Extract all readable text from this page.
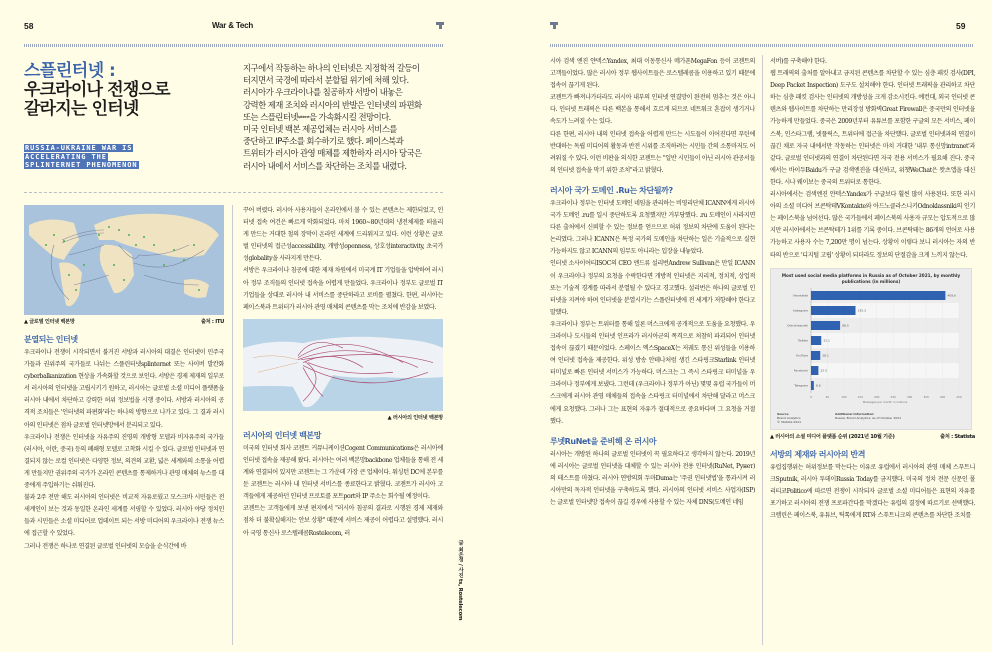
58	War & Tech	59
스플린터넷 :
우크라이나 전쟁으로
갈라지는 인터넷
RUSSIA-UKRAINE WAR IS
ACCELERATING THE
SPLINTERNET PHENOMENON
지구에서 작동하는 하나의 인터넷은 지정학적 갈등이
터지면서 국경에 따라서 분할될 위기에 처해 있다.
러시아가 우크라이나를 침공하자 서방이 내놓은
강력한 제재 조치와 러시아의 반발은 인터넷의 파편화
또는 스플린터넷$^{splinternet}$을 가속화시킬 전망이다.
미국 인터넷 백본 제공업체는 러시아 서비스를
중단하고 IP주소를 회수하기로 했다. 페이스북과
트위터가 러시아 관영 매체를 제한하자 러시아 당국은
러시아 내에서 서비스를 차단하는 조치를 내렸다.
▲ 글로벌 인터넷 백본망	출처 : ITU
분열되는 인터넷

우크라이나 전쟁이 시작되면서 불거진 서방과 러시아의 대결은 인터넷이 민주국가들과 권위주의 국가들로 나뉘는 스플린터넷splinternet 또는 사이버 발칸화cyberbalkanization 현상을 가속화할 것으로 보인다. 서방은 경제 제재의 일부로서 러시아의 인터넷을 고립시키기 원하고, 러시아는 글로벌 소셜 미디어 플랫폼을 러시아 내에서 차단하고 강력한 허위 정보법을 시행 중이다. 서방과 러시아의 공격적 조치들은 '인터넷의 파편화'라는 하나의 방향으로 나가고 있다. 그 결과 러시아의 인터넷은 점차 글로벌 인터넷망에서 분리되고 있다.

우크라이나 전쟁은 인터넷을 자유주의 진영의 개방형 모델과 비자유주의 국가들(러시아, 이란, 중국) 등의 폐쇄형 모델로 고착화 시킬 수 있다. 글로벌 인터넷과 연결되지 않는 로컬 인터넷은 다양한 정보, 의견의 교환, 넓은 세계와의 소통을 어렵게 만들지만 권위주의 국가가 온라인 콘텐츠를 통제하거나 관영 매체의 뉴스를 대중에게 주입하기는 쉬워진다.

불과 2주 전만 해도 러시아의 인터넷은 비교적 자유로웠고 모스크바 시민들은 전 세계인이 보는 것과 동일한 온라인 세계를 서핑할 수 있었다. 러시아 야당 정치인들과 시민들은 소셜 미디어로 업데이트 되는 서방 미디어의 우크라이나 전쟁 뉴스에 접근할 수 있었다.

그러나 전쟁은 하나로 연결된 글로벌 인터넷의 모습을 순식간에 바

꾸어 버렸다. 러시아 사용자들이 온라인에서 볼 수 있는 콘텐츠는 제한되었고, 인터넷 접속 여건은 빠르게 악화되었다. 마치 1960~80년대의 냉전체제를 떠올리게 만드는 거대한 철의 장막이 온라인 세계에 드리워지고 있다. 이런 상황은 글로벌 인터넷의 접근성accessibility, 개방성openness, 상호성interactivity, 초국가성globality을 사라지게 만든다.

서방은 우크라이나 침공에 대한 제재 차원에서 미국계 IT 기업들을 압박하여 러시아 정부 조직들의 인터넷 접속을 어렵게 만들었다. 우크라이나 정부도 글로벌 IT 기업들을 상대로 러시아 내 서비스를 중단하라고 로비를 펼쳤다. 한편, 러시아는 페이스북과 트위터가 러시아 관영 매체의 콘텐츠를 막는 조치에 반감을 보였다.

▲ 러시아의 인터넷 백본망
러시아의 인터넷 백본망

미국의 인터넷 회사 코젠트 커뮤니케이션Cogent Communications은 러시아에 인터넷 접속을 제공해 왔다. 러시아는 여러 백본망backbone 업체들을 통해 전 세계와 연결되어 있지만 코젠트는 그 가운데 가장 큰 업체이다. 워싱턴 DC에 본부를 둔 코젠트는 러시아 내 인터넷 서비스를 종료한다고 밝혔다. 코젠트가 러시아 고객들에게 제공하던 인터넷 프로토콜 포트port와 IP 주소는 회수될 예정이다.

코젠트는 고객들에게 보낸 편지에서 "러시아 침공의 결과로 시행된 경제 제재와 점차 더 불확실해지는 안보 상황" 때문에 서비스 제공이 어렵다고 설명했다. 러시아 국영 통신사 로스텔레콤Rostelecom, 러

글 최은정 / 사진 ts, Rostelecom

시아 검색 엔진 얀덱스Yandex, 최대 이동통신사 메가폰MegaFon 등이 코젠트의 고객들이었다. 많은 러시아 정부 웹사이트들은 로스텔레콤을 이용하고 있기 때문에 접속이 끊기게 된다.

코젠트가 빠져나가더라도 러시아 내부의 인터넷 연결망이 완전히 멈추는 것은 아니다. 인터넷 트래픽은 다른 백본을 통해서 흐르게 되므로 네트워크 혼잡이 생기거나 속도가 느려질 수는 있다.

다른 한편, 러시아 내의 인터넷 접속을 어렵게 만드는 시도들이 이어진다면 푸틴에 반대하는 독립 미디어의 활동과 반전 시위를 조직하려는 시민들 간의 소통마저도 어려워질 수 있다. 이런 비판을 의식한 코젠트는 "일반 시민들이 아닌 러시아 관공서들의 인터넷 접속을 막기 위한 조치"라고 밝혔다.

러시아 국가 도메인 .Ru는 차단될까?

우크라이나 정부는 인터넷 도메인 네임을 관리하는 비영리단체 ICANN에게 러시아 국가 도메인 .ru를 일시 중단하도록 요청했지만 거부당했다. .ru 도메인이 사라지면 다른 출처에서 신뢰할 수 있는 정보를 얻으므로 허위 정보의 차단에 도움이 된다는 논리였다. 그러나 ICANN은 특정 국가의 도메인을 차단하는 일은 기술적으로 실현 가능하지도 않고 ICANN의 임무도 아니라는 입장을 내놓았다.

인터넷 소사이어티ISOC의 CEO 앤드류 설리번Andrew Sullivan은 만일 ICANN이 우크라이나 정부의 요청을 수락한다면 개방적 인터넷은 지리적, 정치적, 상업적 또는 기술적 경계를 따라서 분열될 수 있다고 경고했다. 설리번은 하나의 글로벌 인터넷을 지켜야 하며 인터넷을 분열시키는 스플린터넷에 전 세계가 저항해야 한다고 말했다.

우크라이나 정부는 트위터를 통해 일론 머스크에게 공개적으로 도움을 요청했다. 우크라이나 도시들의 인터넷 인프라가 러시아군의 폭격으로 처참히 파괴되어 인터넷 접속이 끊겼기 때문이었다. 스페이스 엑스SpaceX는 저궤도 통신 위성들을 이용하여 인터넷 접속을 제공한다. 위성 방송 안테나처럼 생긴 스타링크Starlink 인터넷 터미널로 빠른 인터넷 서비스가 가능하다. 머스크는 그 즉시 스타링크 터미널을 우크라이나 정부에게 보냈다. 그런데 (우크라이나 정부가 아닌) 몇몇 유럽 국가들이 머스크에게 러시아 관영 매체들의 접속을 스타링크 터미널에서 차단해 달라고 머스크에게 요청했다. 그러나 그는 표현의 자유가 절대적으로 중요하다며 그 요청을 거절했다.

루넷RuNet을 준비해 온 러시아

러시아는 개방된 하나의 글로벌 인터넷이 꼭 필요하다고 생각하지 않는다. 2019년에 러시아는 글로벌 인터넷을 대체할 수 있는 러시아 전용 인터넷(RuNet, Рунет)의 테스트를 마쳤다. 러시아 연방의회 두마Duma는 '주권 인터넷법'을 통과시켜 러시아만의 독자적 인터넷을 구축하도록 했다. 러시아의 인터넷 서비스 사업자(ISP)는 글로벌 인터넷망 접속이 끊길 경우에 사용할 수 있는 자체 DNS(도메인 네임

서버)를 구축해야 한다.

웹 트래픽의 출처를 알아내고 금지된 콘텐츠를 차단할 수 있는 심층 패킷 검사(DPI, Deep Packet Inspection) 도구도 설치해야 한다. 인터넷 트래픽을 관리하고 차단하는 심층 패킷 검사는 인터넷의 개방성을 크게 감소시킨다. 예컨대, 외국 인터넷 콘텐츠와 웹사이트를 차단하는 만리장성 방화벽Great Firewall은 중국만의 인터넷을 가능하게 만들었다. 중국은 2009년부터 유튜브를 포함한 구글의 모든 서비스, 페이스북, 인스타그램, 넷플릭스, 트위터에 접근을 차단했다. 글로벌 인터넷과의 연결이 끊긴 채로 자국 내에서만 작동하는 인터넷은 마치 거대한 '내부 통신망intranet'과 같다. 글로벌 인터넷과의 연결이 차단된다면 자국 전용 서비스가 필요해 진다. 중국에서는 바이두Baidu가 구글 검색엔진을 대신하고, 위챗WeChat은 왓츠앱을 대신한다. 시나 웨이보는 중국의 트위터로 통한다.

러시아에서는 검색엔진 얀덱스Yandex가 구글보다 훨씬 많이 사용된다. 또한 러시아의 소셜 미디어 브콘탁테VKontakte와 아드노클라스니키Odnoklassniki의 인기는 페이스북을 넘어선다. 많은 국가들에서 페이스북의 사용자 규모는 압도적으로 많지만 러시아에서는 브콘탁테가 1위를 기록 중이다. 브콘탁테는 86개의 언어로 사용가능하고 사용자 수는 7,200만 명이 넘는다. 상황이 이렇다 보니 러시아는 자의 반 타의 반으로 '디지털 고립' 상황이 되더라도 정보의 단절감을 크게 느끼지 않는다.

Most used social media platforms in Russia as of October 2021, by monthly publications (in millions)
0	50	100	150	200	250	300	350	400	450
Vkontakte	408.6
Instagram	135.3
Odnoklassniki	88.5
Twitter	31.1
YouTube	28.1
Facebook	22.5
Telegram	8.6
Messages per month in millions
Source
Brand Analytics
© Statista 2021
Additional Information:
Russia; Brand Analytics; As of October 2021
▲ 러시아의 소셜 미디어 플랫폼 순위 (2021년 10월 기준)	출처 : Statista
서방의 제재와 러시아의 반격

유럽집행위는 허위정보를 막는다는 이유로 유럽에서 러시아의 관영 매체 스푸트니크Sputnik, 러시아 투데이Russia Today를 금지했다. 미국의 정치 전문 신문인 폴리티코Politico에 따르면 전쟁이 시작되자 글로벌 소셜 미디어들은 표현의 자유를 포기하고 러시아의 전쟁 프로파간다를 막겠다는 유럽의 결정에 따르기로 선택했다. 크렘린은 페이스북, 유튜브, 틱톡에게 RT와 스푸트니크의 콘텐츠를 차단한 조치를
